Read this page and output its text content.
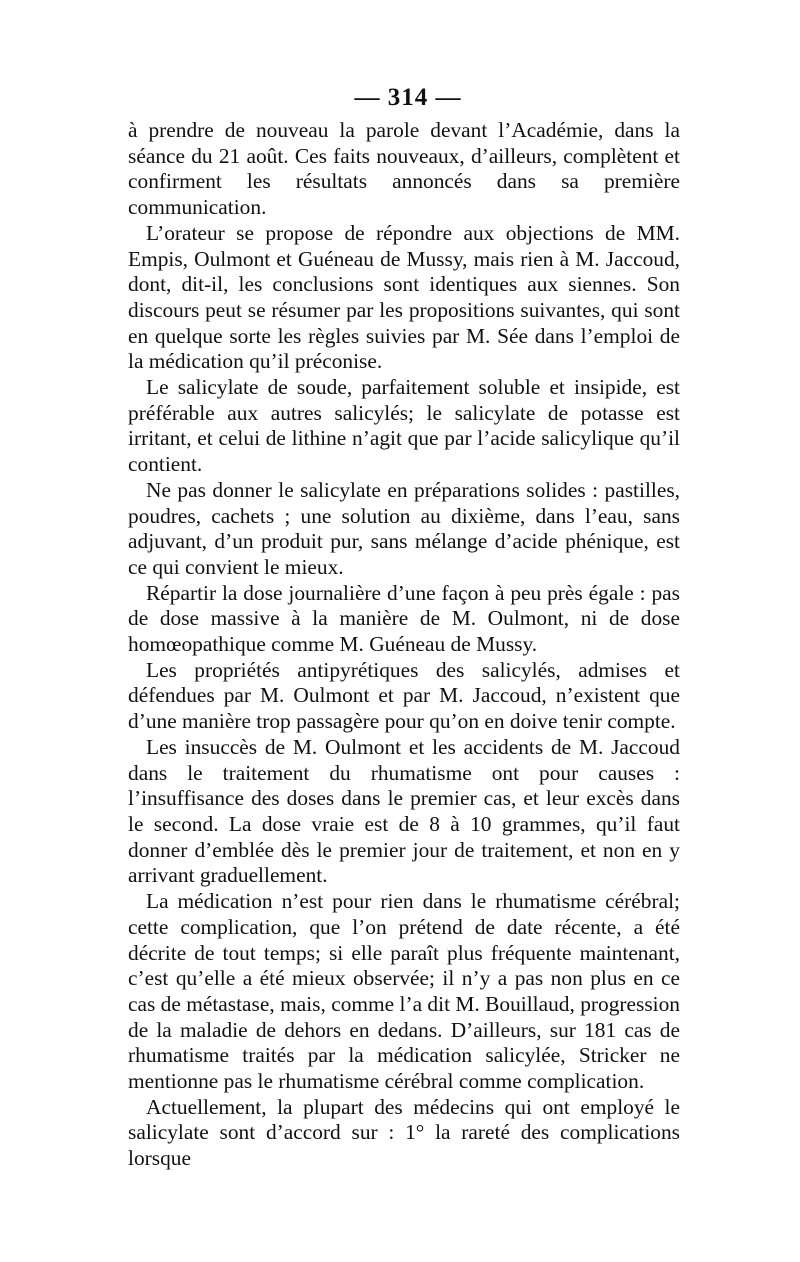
— 314 —

à prendre de nouveau la parole devant l’Académie, dans la séance du 21 août. Ces faits nouveaux, d’ailleurs, complètent et confirment les résultats annoncés dans sa première communication.

L’orateur se propose de répondre aux objections de MM. Empis, Oulmont et Guéneau de Mussy, mais rien à M. Jaccoud, dont, dit-il, les conclusions sont identiques aux siennes. Son discours peut se résumer par les propositions suivantes, qui sont en quelque sorte les règles suivies par M. Sée dans l’emploi de la médication qu’il préconise.

Le salicylate de soude, parfaitement soluble et insipide, est préférable aux autres salicylés; le salicylate de potasse est irritant, et celui de lithine n’agit que par l’acide salicylique qu’il contient.

Ne pas donner le salicylate en préparations solides : pastilles, poudres, cachets ; une solution au dixième, dans l’eau, sans adjuvant, d’un produit pur, sans mélange d’acide phénique, est ce qui convient le mieux.

Répartir la dose journalière d’une façon à peu près égale : pas de dose massive à la manière de M. Oulmont, ni de dose homœopathique comme M. Guéneau de Mussy.

Les propriétés antipyrétiques des salicylés, admises et défendues par M. Oulmont et par M. Jaccoud, n’existent que d’une manière trop passagère pour qu’on en doive tenir compte.

Les insuccès de M. Oulmont et les accidents de M. Jaccoud dans le traitement du rhumatisme ont pour causes : l’insuffisance des doses dans le premier cas, et leur excès dans le second. La dose vraie est de 8 à 10 grammes, qu’il faut donner d’emblée dès le premier jour de traitement, et non en y arrivant graduellement.

La médication n’est pour rien dans le rhumatisme cérébral; cette complication, que l’on prétend de date récente, a été décrite de tout temps; si elle paraît plus fréquente maintenant, c’est qu’elle a été mieux observée; il n’y a pas non plus en ce cas de métastase, mais, comme l’a dit M. Bouillaud, progression de la maladie de dehors en dedans. D’ailleurs, sur 181 cas de rhumatisme traités par la médication salicylée, Stricker ne mentionne pas le rhumatisme cérébral comme complication.

Actuellement, la plupart des médecins qui ont employé le salicylate sont d’accord sur : 1° la rareté des complications lorsque
